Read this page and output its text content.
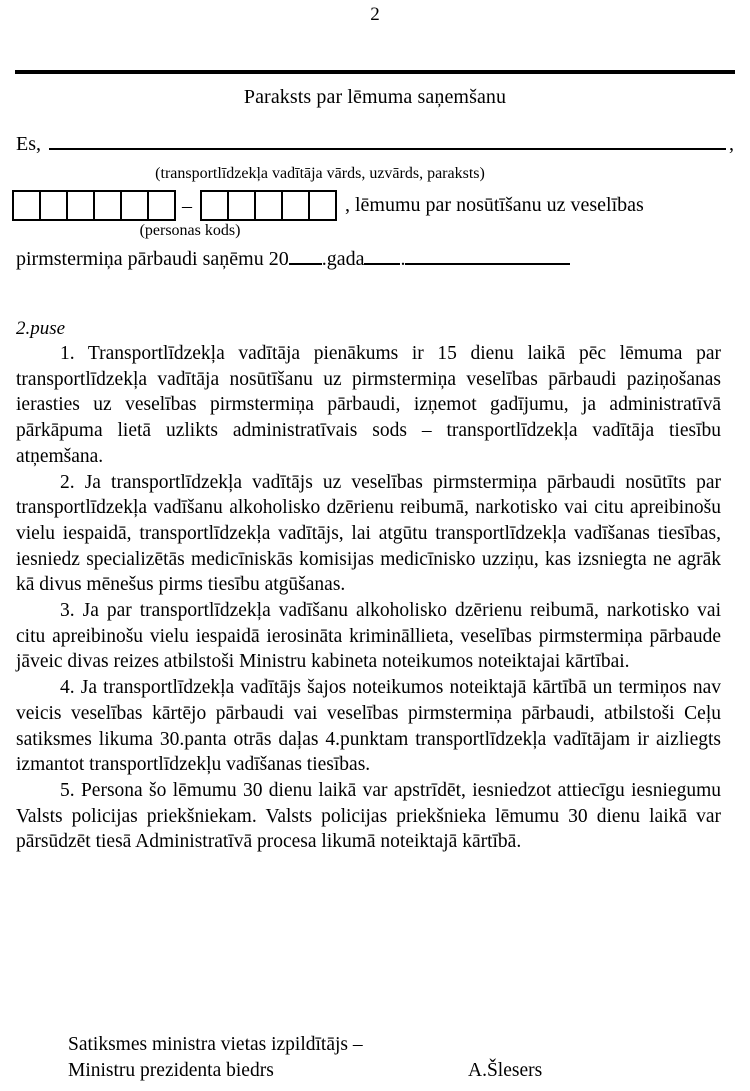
2
Paraksts par lēmuma saņemšanu
Es,	,
(transportlīdzekļa vadītāja vārds, uzvārds, paraksts)
–	, lēmumu par nosūtīšanu uz veselības
(personas kods)
pirmstermiņa pārbaudi saņēmu 20 .gada .
2.puse

1. Transportlīdzekļa vadītāja pienākums ir 15 dienu laikā pēc lēmuma par transportlīdzekļa vadītāja nosūtīšanu uz pirmstermiņa veselības pārbaudi paziņošanas ierasties uz veselības pirmstermiņa pārbaudi, izņemot gadījumu, ja administratīvā pārkāpuma lietā uzlikts administratīvais sods – transportlīdzekļa vadītāja tiesību atņemšana.

2. Ja transportlīdzekļa vadītājs uz veselības pirmstermiņa pārbaudi nosūtīts par transportlīdzekļa vadīšanu alkoholisko dzērienu reibumā, narkotisko vai citu apreibinošu vielu iespaidā, transportlīdzekļa vadītājs, lai atgūtu transportlīdzekļa vadīšanas tiesības, iesniedz specializētās medicīniskās komisijas medicīnisko uzziņu, kas izsniegta ne agrāk kā divus mēnešus pirms tiesību atgūšanas.

3. Ja par transportlīdzekļa vadīšanu alkoholisko dzērienu reibumā, narkotisko vai citu apreibinošu vielu iespaidā ierosināta krimināllieta, veselības pirmstermiņa pārbaude jāveic divas reizes atbilstoši Ministru kabineta noteikumos noteiktajai kārtībai.

4. Ja transportlīdzekļa vadītājs šajos noteikumos noteiktajā kārtībā un termiņos nav veicis veselības kārtējo pārbaudi vai veselības pirmstermiņa pārbaudi, atbilstoši Ceļu satiksmes likuma 30.panta otrās daļas 4.punktam transportlīdzekļa vadītājam ir aizliegts izmantot transportlīdzekļu vadīšanas tiesības.

5. Persona šo lēmumu 30 dienu laikā var apstrīdēt, iesniedzot attiecīgu iesniegumu Valsts policijas priekšniekam. Valsts policijas priekšnieka lēmumu 30 dienu laikā var pārsūdzēt tiesā Administratīvā procesa likumā noteiktajā kārtībā.

Satiksmes ministra vietas izpildītājs –
Ministru prezidenta biedrs	A.Šlesers
